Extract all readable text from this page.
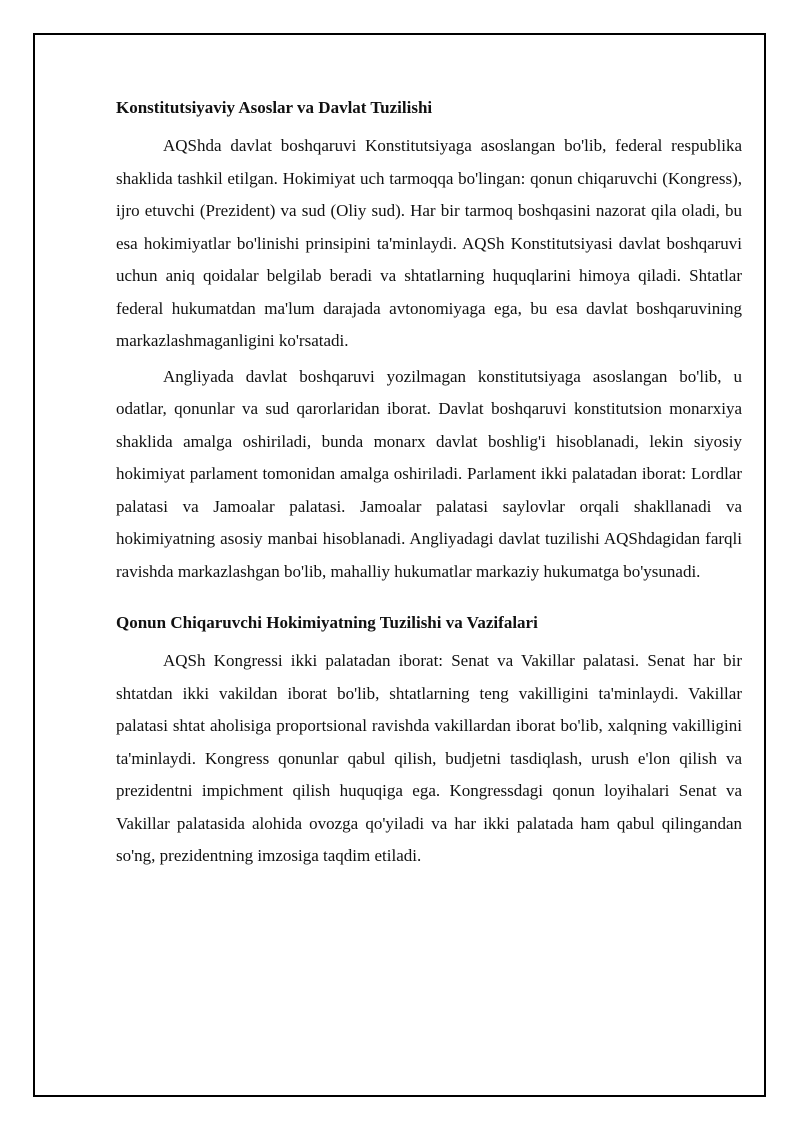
Konstitutsiyaviy Asoslar va Davlat Tuzilishi

AQShda davlat boshqaruvi Konstitutsiyaga asoslangan bo'lib, federal respublika shaklida tashkil etilgan. Hokimiyat uch tarmoqqa bo'lingan: qonun chiqaruvchi (Kongress), ijro etuvchi (Prezident) va sud (Oliy sud). Har bir tarmoq boshqasini nazorat qila oladi, bu esa hokimiyatlar bo'linishi prinsipini ta'minlaydi. AQSh Konstitutsiyasi davlat boshqaruvi uchun aniq qoidalar belgilab beradi va shtatlarning huquqlarini himoya qiladi. Shtatlar federal hukumatdan ma'lum darajada avtonomiyaga ega, bu esa davlat boshqaruvining markazlashmaganligini ko'rsatadi.

Angliyada davlat boshqaruvi yozilmagan konstitutsiyaga asoslangan bo'lib, u odatlar, qonunlar va sud qarorlaridan iborat. Davlat boshqaruvi konstitutsion monarxiya shaklida amalga oshiriladi, bunda monarx davlat boshlig'i hisoblanadi, lekin siyosiy hokimiyat parlament tomonidan amalga oshiriladi. Parlament ikki palatadan iborat: Lordlar palatasi va Jamoalar palatasi. Jamoalar palatasi saylovlar orqali shakllanadi va hokimiyatning asosiy manbai hisoblanadi. Angliyadagi davlat tuzilishi AQShdagidan farqli ravishda markazlashgan bo'lib, mahalliy hukumatlar markaziy hukumatga bo'ysunadi.

Qonun Chiqaruvchi Hokimiyatning Tuzilishi va Vazifalari

AQSh Kongressi ikki palatadan iborat: Senat va Vakillar palatasi. Senat har bir shtatdan ikki vakildan iborat bo'lib, shtatlarning teng vakilligini ta'minlaydi. Vakillar palatasi shtat aholisiga proportsional ravishda vakillardan iborat bo'lib, xalqning vakilligini ta'minlaydi. Kongress qonunlar qabul qilish, budjetni tasdiqlash, urush e'lon qilish va prezidentni impichment qilish huquqiga ega. Kongressdagi qonun loyihalari Senat va Vakillar palatasida alohida ovozga qo'yiladi va har ikki palatada ham qabul qilingandan so'ng, prezidentning imzosiga taqdim etiladi.
